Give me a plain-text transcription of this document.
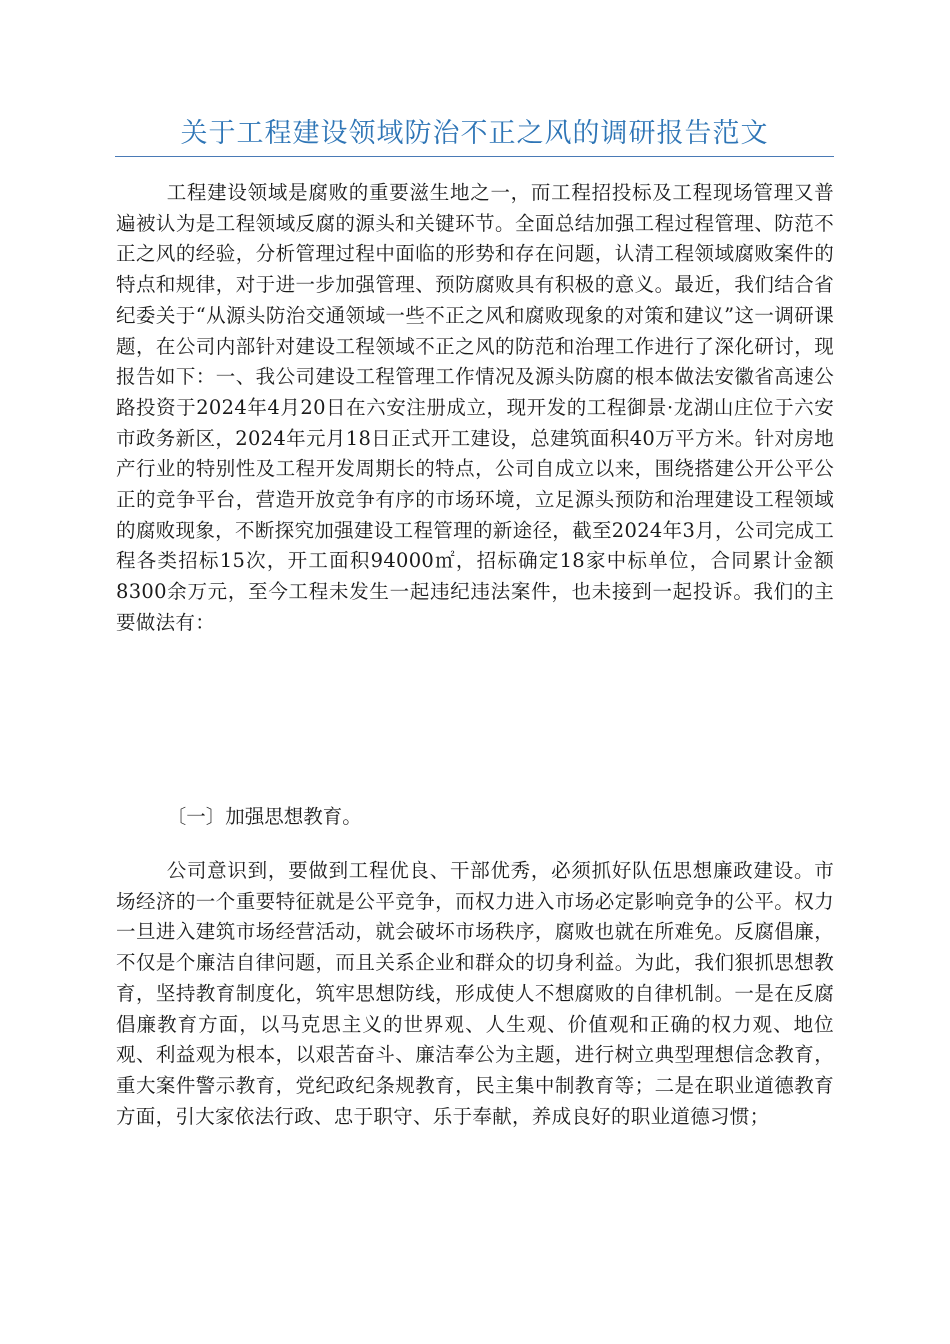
关于工程建设领域防治不正之风的调研报告范文

工程建设领域是腐败的重要滋生地之一，而工程招投标及工程现场管理又普遍被认为是工程领域反腐的源头和关键环节。全面总结加强工程过程管理、防范不正之风的经验，分析管理过程中面临的形势和存在问题，认清工程领域腐败案件的特点和规律，对于进一步加强管理、预防腐败具有积极的意义。最近，我们结合省纪委关于“从源头防治交通领域一些不正之风和腐败现象的对策和建议”这一调研课题，在公司内部针对建设工程领域不正之风的防范和治理工作进行了深化研讨，现报告如下：一、我公司建设工程管理工作情况及源头防腐的根本做法安徽省高速公路投资于2024年4月20日在六安注册成立，现开发的工程御景·龙湖山庄位于六安市政务新区，2024年元月18日正式开工建设，总建筑面积40万平方米。针对房地产行业的特别性及工程开发周期长的特点，公司自成立以来，围绕搭建公开公平公正的竞争平台，营造开放竞争有序的市场环境，立足源头预防和治理建设工程领域的腐败现象，不断探究加强建设工程管理的新途径，截至2024年3月，公司完成工程各类招标15次，开工面积94000㎡，招标确定18家中标单位，合同累计金额8300余万元，至今工程未发生一起违纪违法案件，也未接到一起投诉。我们的主要做法有：

〔一〕加强思想教育。

公司意识到，要做到工程优良、干部优秀，必须抓好队伍思想廉政建设。市场经济的一个重要特征就是公平竞争，而权力进入市场必定影响竞争的公平。权力一旦进入建筑市场经营活动，就会破坏市场秩序，腐败也就在所难免。反腐倡廉，不仅是个廉洁自律问题，而且关系企业和群众的切身利益。为此，我们狠抓思想教育，坚持教育制度化，筑牢思想防线，形成使人不想腐败的自律机制。一是在反腐倡廉教育方面，以马克思主义的世界观、人生观、价值观和正确的权力观、地位观、利益观为根本，以艰苦奋斗、廉洁奉公为主题，进行树立典型理想信念教育，重大案件警示教育，党纪政纪条规教育，民主集中制教育等；二是在职业道德教育方面，引大家依法行政、忠于职守、乐于奉献，养成良好的职业道德习惯；
